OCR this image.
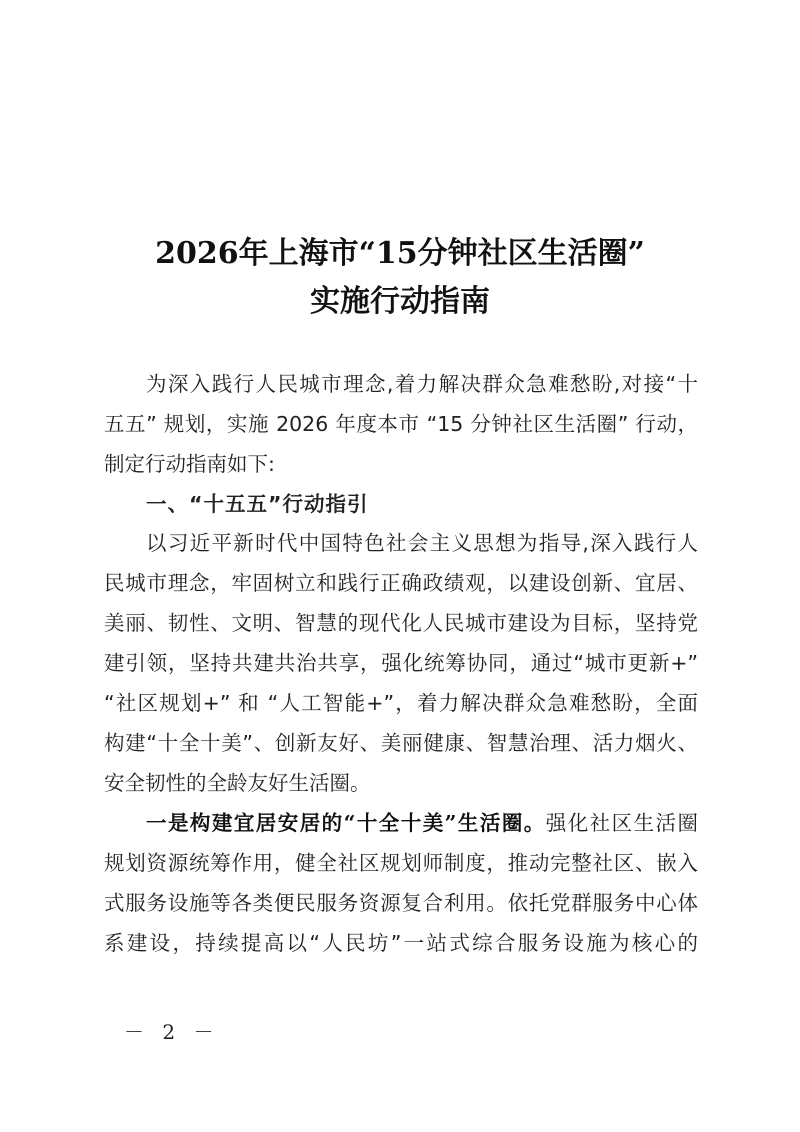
2026年上海市“15分钟社区生活圈”
实施行动指南
为深入践行人民城市理念,着力解决群众急难愁盼,对接“十
五五” 规划，实施 2026 年度本市 “15 分钟社区生活圈” 行动，
制定行动指南如下:
一、“十五五”行动指引
以习近平新时代中国特色社会主义思想为指导,深入践行人
民城市理念，牢固树立和践行正确政绩观，以建设创新、宜居、
美丽、韧性、文明、智慧的现代化人民城市建设为目标，坚持党
建引领，坚持共建共治共享，强化统筹协同，通过“城市更新+”
“社区规划+” 和 “人工智能+”，着力解决群众急难愁盼，全面
构建“十全十美”、创新友好、美丽健康、智慧治理、活力烟火、
安全韧性的全龄友好生活圈。
一是构建宜居安居的“十全十美”生活圈。强化社区生活圈
规划资源统筹作用，健全社区规划师制度，推动完整社区、嵌入
式服务设施等各类便民服务资源复合利用。依托党群服务中心体
系建设，持续提高以“人民坊”一站式综合服务设施为核心的
－ 2 －
